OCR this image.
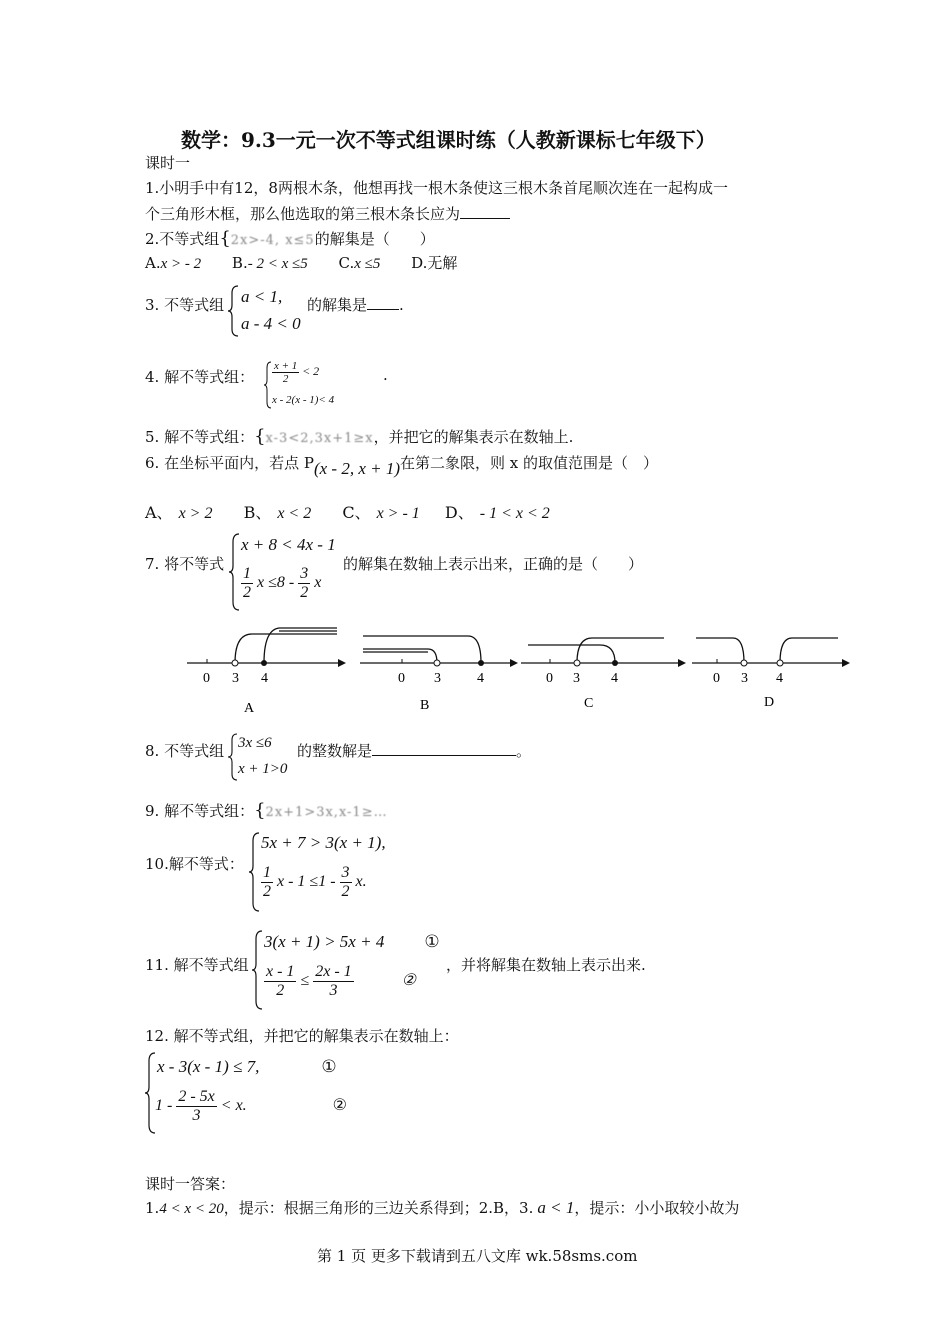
数学：9.3一元一次不等式组课时练（人教新课标七年级下）
课时一
1.小明手中有12，8两根木条，他想再找一根木条使这三根木条首尾顺次连在一起构成一
个三角形木框，那么他选取的第三根木条长应为
2.不等式组{2x>-4, x≤5的解集是（　　）
A.x > - 2 B.- 2 < x ≤5 C.x ≤5 D.无解
3. 不等式组 a < 1,
a - 4 < 0
的解集是 .
4. 解不等式组： $\frac{x + 1}{2} < 2$
x - 2(x - 1)< 4
.
5. 解不等式组：{x-3<2,3x+1≥x，并把它的解集表示在数轴上.
6. 在坐标平面内，若点 P(x - 2, x + 1)在第二象限，则 x 的取值范围是（　）
A、 x > 2 B、 x < 2 C、 x > - 1 D、 - 1 < x < 2
7. 将不等式
x + 8 < 4x - 1
$\frac{1}{2}$ $x \le 8 - \frac{3}{2}$ x
的解集在数轴上表示出来，正确的是（　　）
0 3 4
A
0 3	4
B
0 3 4
C
0 3 4
D
8. 不等式组 3x ≤6
x + 1>0
的整数解是	。
9. 解不等式组：{2x+1>3x,x-1≥…
10.解不等式：
5x + 7 > 3(x + 1),
$\frac{1}{2}$ $x - 1 \le 1 - \frac{3}{2} x$.
11. 解不等式组
3(x + 1) > 5x + 4 ①
$\frac{x - 1}{2} \le \frac{2x - 1}{3}$	②
，并将解集在数轴上表示出来.
12. 解不等式组，并把它的解集表示在数轴上：
x - 3(x - 1) ≤ 7,	①
$1 - \frac{2 - 5x}{3} < x$.	②
课时一答案：
1.4 < x < 20，提示：根据三角形的三边关系得到；2.B，3. a < 1，提示：小小取较小故为
第 1 页 更多下载请到五八文库 wk.58sms.com
